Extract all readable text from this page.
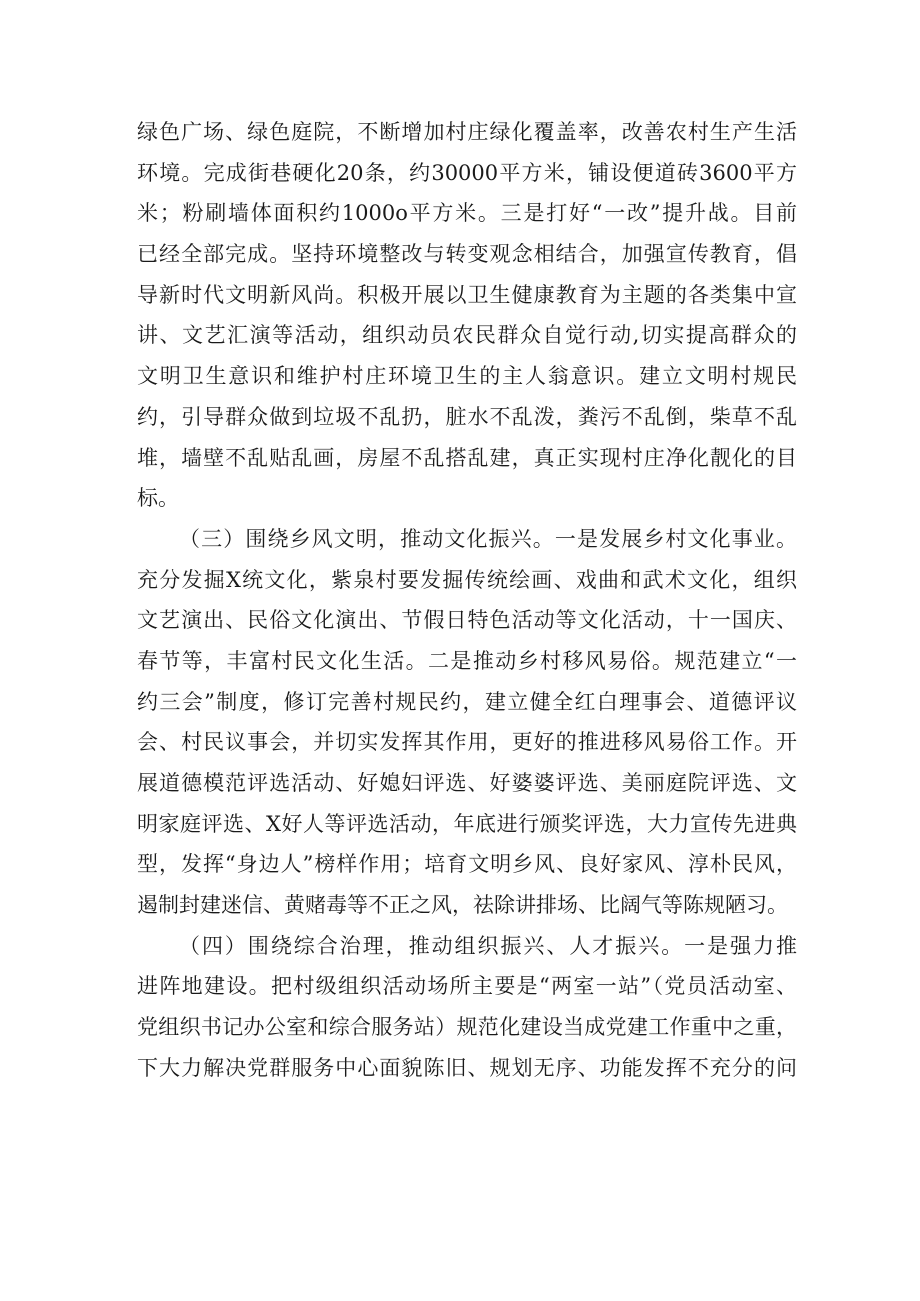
绿色广场、绿色庭院，不断增加村庄绿化覆盖率，改善农村生产生活
环境。完成街巷硬化20条，约30000平方米，铺设便道砖3600平方
米；粉刷墙体面积约1000o平方米。三是打好“一改”提升战。目前
已经全部完成。坚持环境整改与转变观念相结合，加强宣传教育，倡
导新时代文明新风尚。积极开展以卫生健康教育为主题的各类集中宣
讲、文艺汇演等活动，组织动员农民群众自觉行动,切实提高群众的
文明卫生意识和维护村庄环境卫生的主人翁意识。建立文明村规民
约，引导群众做到垃圾不乱扔，脏水不乱泼，粪污不乱倒，柴草不乱
堆，墙壁不乱贴乱画，房屋不乱搭乱建，真正实现村庄净化靓化的目
标。
（三）围绕乡风文明，推动文化振兴。一是发展乡村文化事业。
充分发掘X统文化，紫泉村要发掘传统绘画、戏曲和武术文化，组织
文艺演出、民俗文化演出、节假日特色活动等文化活动，十一国庆、
春节等，丰富村民文化生活。二是推动乡村移风易俗。规范建立“一
约三会”制度，修订完善村规民约，建立健全红白理事会、道德评议
会、村民议事会，并切实发挥其作用，更好的推进移风易俗工作。开
展道德模范评选活动、好媳妇评选、好婆婆评选、美丽庭院评选、文
明家庭评选、X好人等评选活动，年底进行颁奖评选，大力宣传先进典
型，发挥“身边人”榜样作用；培育文明乡风、良好家风、淳朴民风，
遏制封建迷信、黄赌毒等不正之风，祛除讲排场、比阔气等陈规陋习。
（四）围绕综合治理，推动组织振兴、人才振兴。一是强力推
进阵地建设。把村级组织活动场所主要是“两室一站”（党员活动室、
党组织书记办公室和综合服务站）规范化建设当成党建工作重中之重，
下大力解决党群服务中心面貌陈旧、规划无序、功能发挥不充分的问
